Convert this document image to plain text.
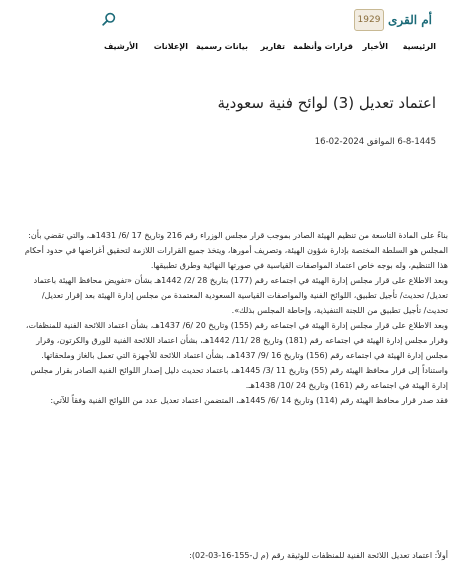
أم القرى
1929
الرئيسية
الأخبار
قرارات وأنظمة
تقارير
بيانات رسمية
الإعلانات
الأرشيف
اعتماد تعديل (3) لوائح فنية سعودية
6-8-1445 الموافق 2024-02-16

بناءً على المادة التاسعة من تنظيم الهيئة الصادر بموجب قرار مجلس الوزراء رقم 216 وتاريخ 17 /6/ 1431هـ، والتي تقضي بأن:

المجلس هو السلطة المختصة بإدارة شؤون الهيئة، وتصريف أمورها، ويتخذ جميع القرارات اللازمة لتحقيق أغراضها في حدود أحكام هذا التنظيم، وله بوجه خاص اعتماد المواصفات القياسية في صورتها النهائية وطرق تطبيقها.

وبعد الاطلاع على قرار مجلس إدارة الهيئة في اجتماعه رقم (177) بتاريخ 28 /2/ 1442هـ بشأن «تفويض محافظ الهيئة باعتماد تعديل/ تحديث/ تأجيل تطبيق، اللوائح الفنية والمواصفات القياسية السعودية المعتمدة من مجلس إدارة الهيئة بعد إقرار تعديل/ تحديث/ تأجيل تطبيق من اللجنة التنفيذية، وإحاطة المجلس بذلك».

وبعد الاطلاع على قرار مجلس إدارة الهيئة في اجتماعه رقم (155) وتاريخ 20 /6/ 1437هـ، بشأن اعتماد اللائحة الفنية للمنظفات، وقرار مجلس إدارة الهيئة في اجتماعه رقم (181) وتاريخ 28 /11/ 1442هـ، بشأن اعتماد اللائحة الفنية للورق والكرتون، وقرار مجلس إدارة الهيئة في اجتماعه رقم (156) وتاريخ 16 /9/ 1437هـ، بشأن اعتماد اللائحة للأجهزة التي تعمل بالغاز وملحقاتها.

واستناداً إلى قرار محافظ الهيئة رقم (55) وتاريخ 11 /3/ 1445هـ، باعتماد تحديث دليل إصدار اللوائح الفنية الصادر بقرار مجلس إدارة الهيئة في اجتماعه رقم (161) وتاريخ 24 /10/ 1438هـ.

فقد صدر قرار محافظ الهيئة رقم (114) وتاريخ 14 /6/ 1445هـ، المتضمن اعتماد تعديل عدد من اللوائح الفنية وفقاً للآتي:

أولاً: اعتماد تعديل اللائحة الفنية للمنظفات للوثيقة رقم (م ل-155-16-03-02):
